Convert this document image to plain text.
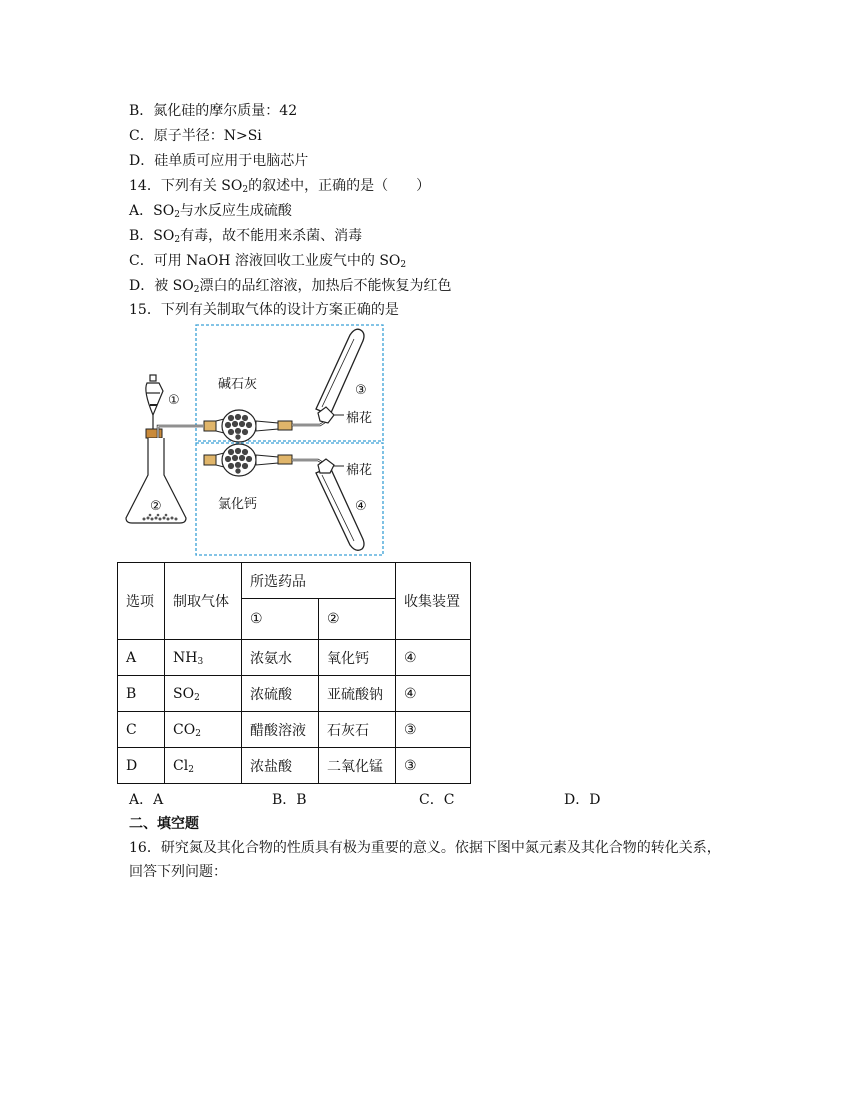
B．氮化硅的摩尔质量：42
C．原子半径：N>Si
D．硅单质可应用于电脑芯片
14．下列有关 $SO_2$的叙述中，正确的是（　　）
A．$SO_2$与水反应生成硫酸
B．$SO_2$有毒，故不能用来杀菌、消毒
C．可用 NaOH 溶液回收工业废气中的 $SO_2$
D．被 $SO_2$漂白的品红溶液，加热后不能恢复为红色
15．下列有关制取气体的设计方案正确的是
碱石灰
氯化钙
棉花
棉花
①
②
③
④
选项	制取气体	所选药品		收集装置
		①	②	
A	$NH_3$	浓氨水	氧化钙	④
B	$SO_2$	浓硫酸	亚硫酸钠	④
C	$CO_2$	醋酸溶液	石灰石	③
D	$Cl_2$	浓盐酸	二氧化锰	③
A．A	B．B	C．C	D．D
二、填空题
16．研究氮及其化合物的性质具有极为重要的意义。依据下图中氮元素及其化合物的转化关系，
回答下列问题：
